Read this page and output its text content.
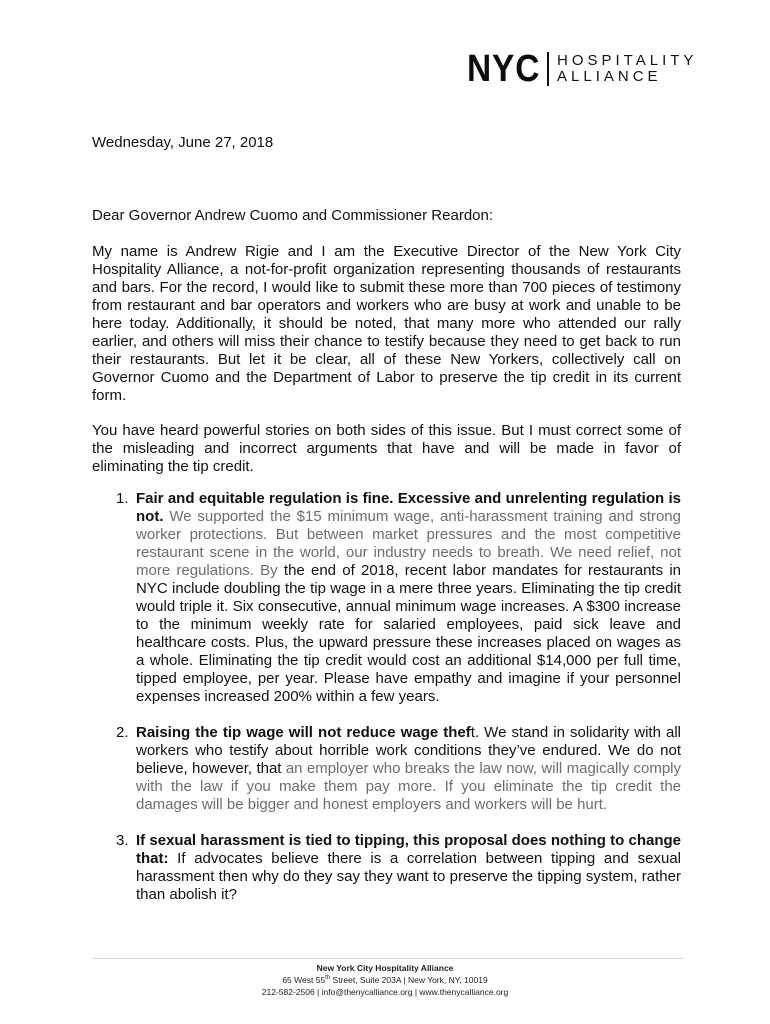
NYC HOSPITALITY
ALLIANCE
Wednesday, June 27, 2018
Dear Governor Andrew Cuomo and Commissioner Reardon:
My name is Andrew Rigie and I am the Executive Director of the New York City Hospitality Alliance, a not-for-profit organization representing thousands of restaurants and bars. For the record, I would like to submit these more than 700 pieces of testimony from restaurant and bar operators and workers who are busy at work and unable to be here today. Additionally, it should be noted, that many more who attended our rally earlier, and others will miss their chance to testify because they need to get back to run their restaurants. But let it be clear, all of these New Yorkers, collectively call on Governor Cuomo and the Department of Labor to preserve the tip credit in its current form.
You have heard powerful stories on both sides of this issue. But I must correct some of the misleading and incorrect arguments that have and will be made in favor of eliminating the tip credit.
1. Fair and equitable regulation is fine. Excessive and unrelenting regulation is not. We supported the $15 minimum wage, anti-harassment training and strong worker protections. But between market pressures and the most competitive restaurant scene in the world, our industry needs to breath. We need relief, not more regulations. By the end of 2018, recent labor mandates for restaurants in NYC include doubling the tip wage in a mere three years. Eliminating the tip credit would triple it. Six consecutive, annual minimum wage increases. A $300 increase to the minimum weekly rate for salaried employees, paid sick leave and healthcare costs. Plus, the upward pressure these increases placed on wages as a whole. Eliminating the tip credit would cost an additional $14,000 per full time, tipped employee, per year. Please have empathy and imagine if your personnel expenses increased 200% within a few years.
2. Raising the tip wage will not reduce wage theft. We stand in solidarity with all workers who testify about horrible work conditions they’ve endured. We do not believe, however, that an employer who breaks the law now, will magically comply with the law if you make them pay more. If you eliminate the tip credit the damages will be bigger and honest employers and workers will be hurt.
3. If sexual harassment is tied to tipping, this proposal does nothing to change that: If advocates believe there is a correlation between tipping and sexual harassment then why do they say they want to preserve the tipping system, rather than abolish it?
New York City Hospitality Alliance
65 West 55th Street, Suite 203A | New York, NY, 10019
212-582-2506 | info@thenycalliance.org | www.thenycalliance.org
